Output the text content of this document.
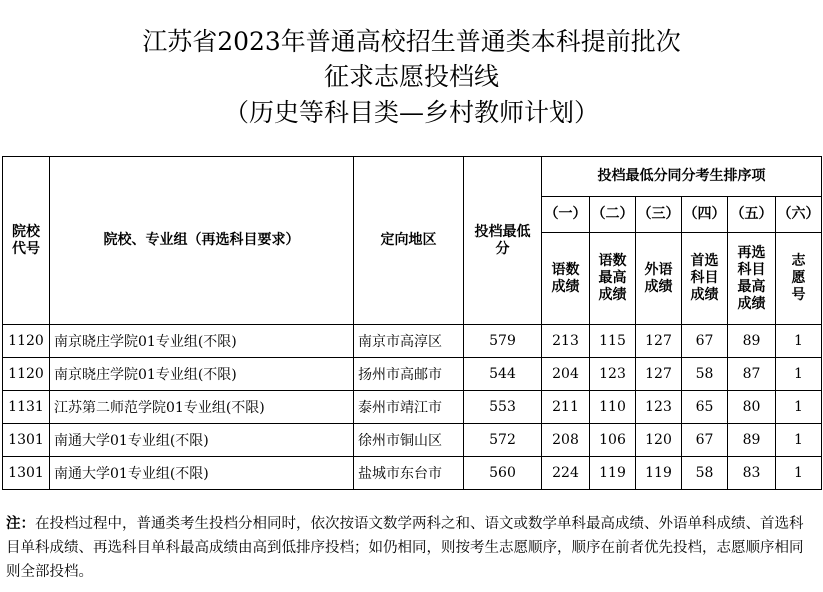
江苏省2023年普通高校招生普通类本科提前批次
征求志愿投档线
（历史等科目类—乡村教师计划）
院校代号	院校、专业组（再选科目要求）	定向地区	投档最低分	投档最低分同分考生排序项					
				（一）	（二）	（三）	（四）	（五）	（六）
				语数成绩	语数最高成绩	外语成绩	首选科目成绩	再选科目最高成绩	志愿号
1120	南京晓庄学院01专业组(不限)	南京市高淳区	579	213	115	127	67	89	1
1120	南京晓庄学院01专业组(不限)	扬州市高邮市	544	204	123	127	58	87	1
1131	江苏第二师范学院01专业组(不限)	泰州市靖江市	553	211	110	123	65	80	1
1301	南通大学01专业组(不限)	徐州市铜山区	572	208	106	120	67	89	1
1301	南通大学01专业组(不限)	盐城市东台市	560	224	119	119	58	83	1
注：在投档过程中，普通类考生投档分相同时，依次按语文数学两科之和、语文或数学单科最高成绩、外语单科成绩、首选科目单科成绩、再选科目单科最高成绩由高到低排序投档；如仍相同，则按考生志愿顺序，顺序在前者优先投档，志愿顺序相同则全部投档。
